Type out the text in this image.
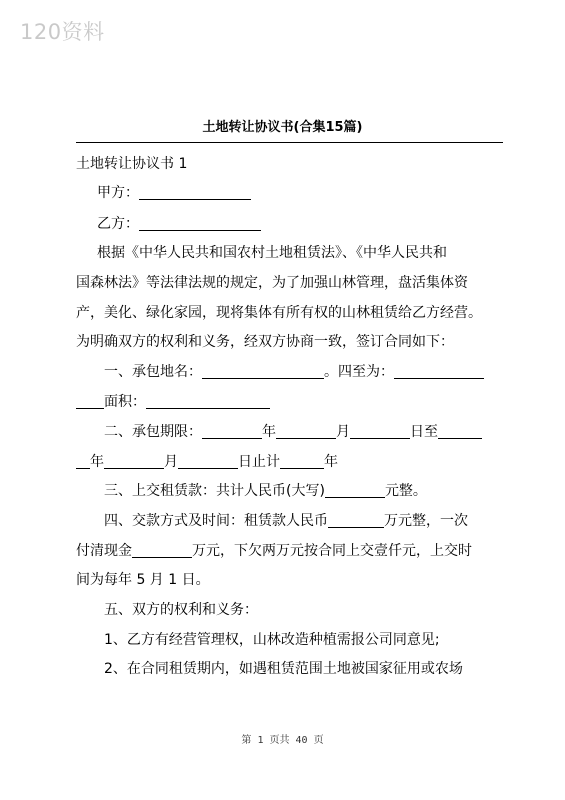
120资料
土地转让协议书(合集15篇)
土地转让协议书 1
甲方：
乙方：
根据《中华人民共和国农村土地租赁法》、《中华人民共和
国森林法》等法律法规的规定，为了加强山林管理，盘活集体资
产，美化、绿化家园，现将集体有所有权的山林租赁给乙方经营。
为明确双方的权利和义务，经双方协商一致，签订合同如下：
一、承包地名：	。四至为：
面积：
二、承包期限：	年	月	日至
年	月	日止计	年
三、上交租赁款：共计人民币(大写)	元整。
四、交款方式及时间：租赁款人民币	万元整，一次
付清现金	万元，下欠两万元按合同上交壹仟元，上交时
间为每年 5 月 1 日。
五、双方的权利和义务：
1、乙方有经营管理权，山林改造种植需报公司同意见;
2、在合同租赁期内，如遇租赁范围土地被国家征用或农场
第 1 页共 40 页
